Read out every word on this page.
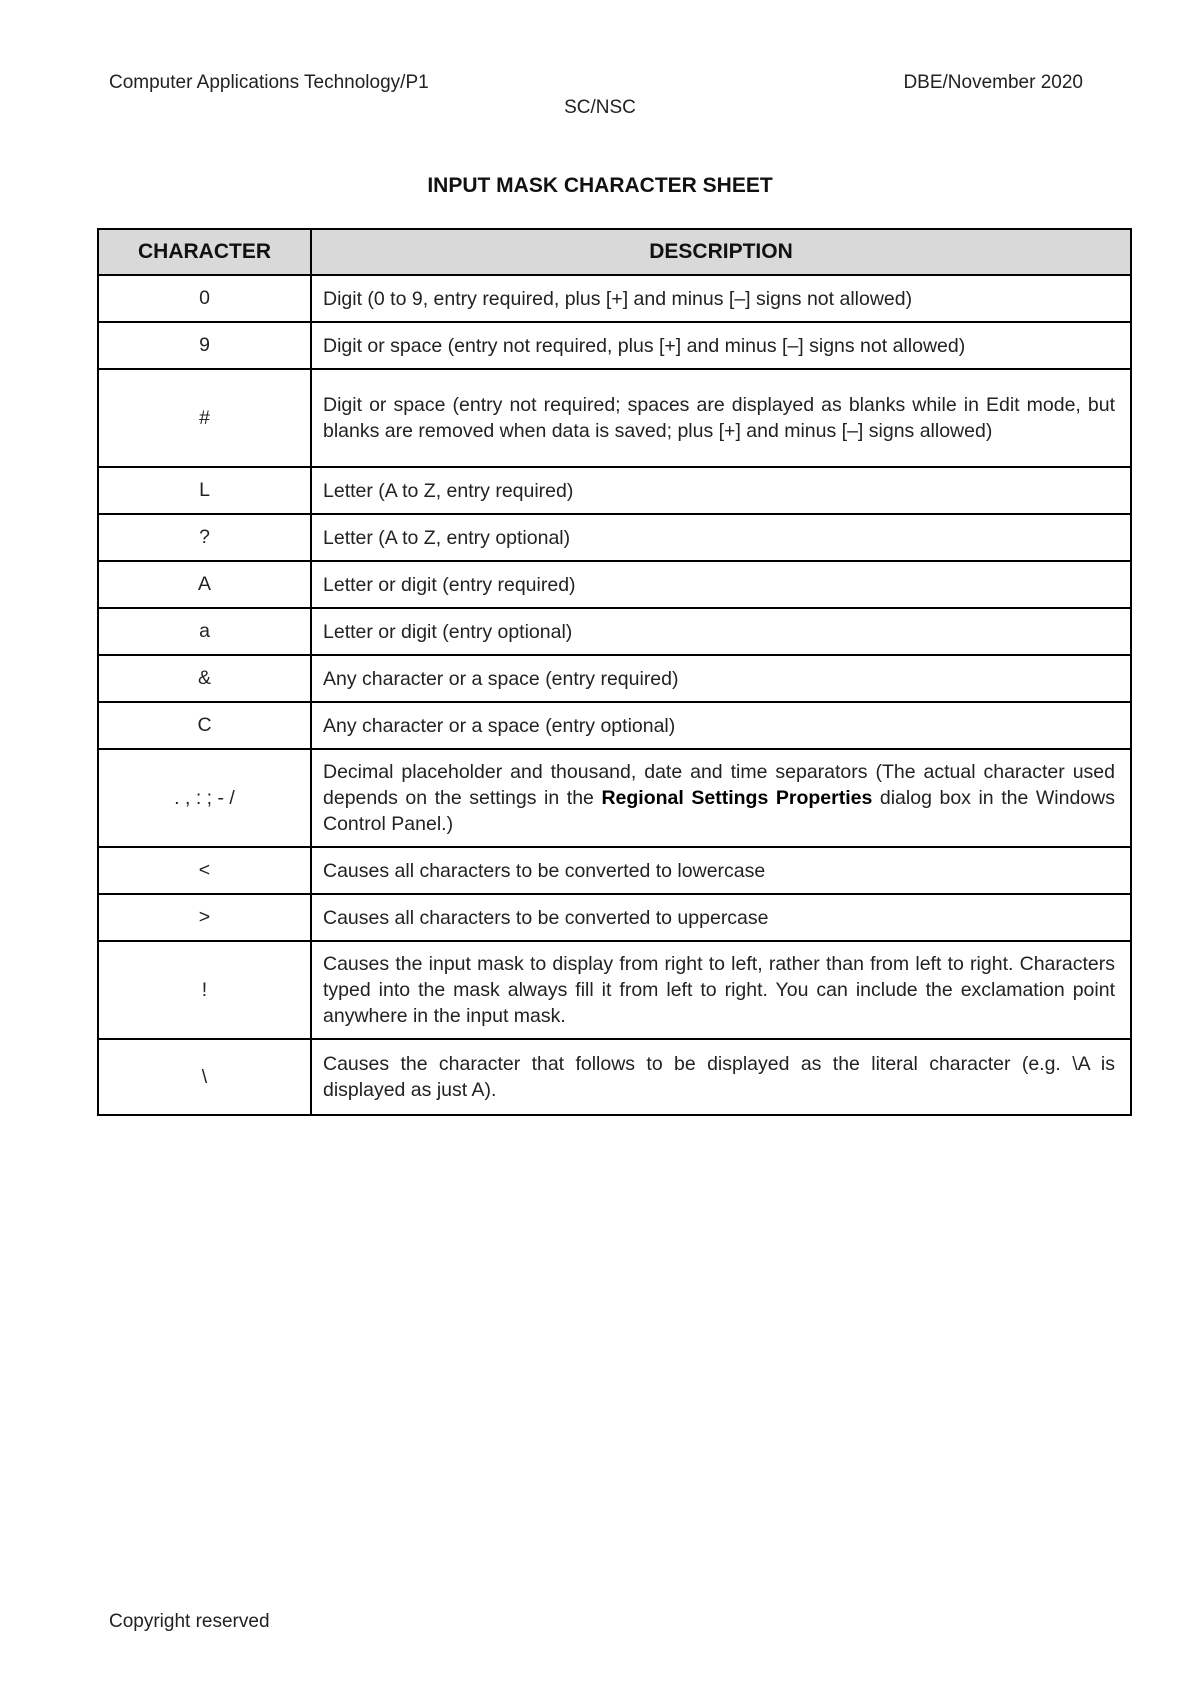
Computer Applications Technology/P1	DBE/November 2020
SC/NSC
INPUT MASK CHARACTER SHEET
CHARACTER	DESCRIPTION
0	Digit (0 to 9, entry required, plus [+] and minus [–] signs not allowed)
9	Digit or space (entry not required, plus [+] and minus [–] signs not allowed)
#	Digit or space (entry not required; spaces are displayed as blanks while in Edit mode, but blanks are removed when data is saved; plus [+] and minus [–] signs allowed)
L	Letter (A to Z, entry required)
?	Letter (A to Z, entry optional)
A	Letter or digit (entry required)
a	Letter or digit (entry optional)
&	Any character or a space (entry required)
C	Any character or a space (entry optional)
. , : ; - /	Decimal placeholder and thousand, date and time separators (The actual character used depends on the settings in the Regional Settings Properties dialog box in the Windows Control Panel.)
<	Causes all characters to be converted to lowercase
>	Causes all characters to be converted to uppercase
!	Causes the input mask to display from right to left, rather than from left to right. Characters typed into the mask always fill it from left to right. You can include the exclamation point anywhere in the input mask.
\	Causes the character that follows to be displayed as the literal character (e.g. \A is displayed as just A).
Copyright reserved
